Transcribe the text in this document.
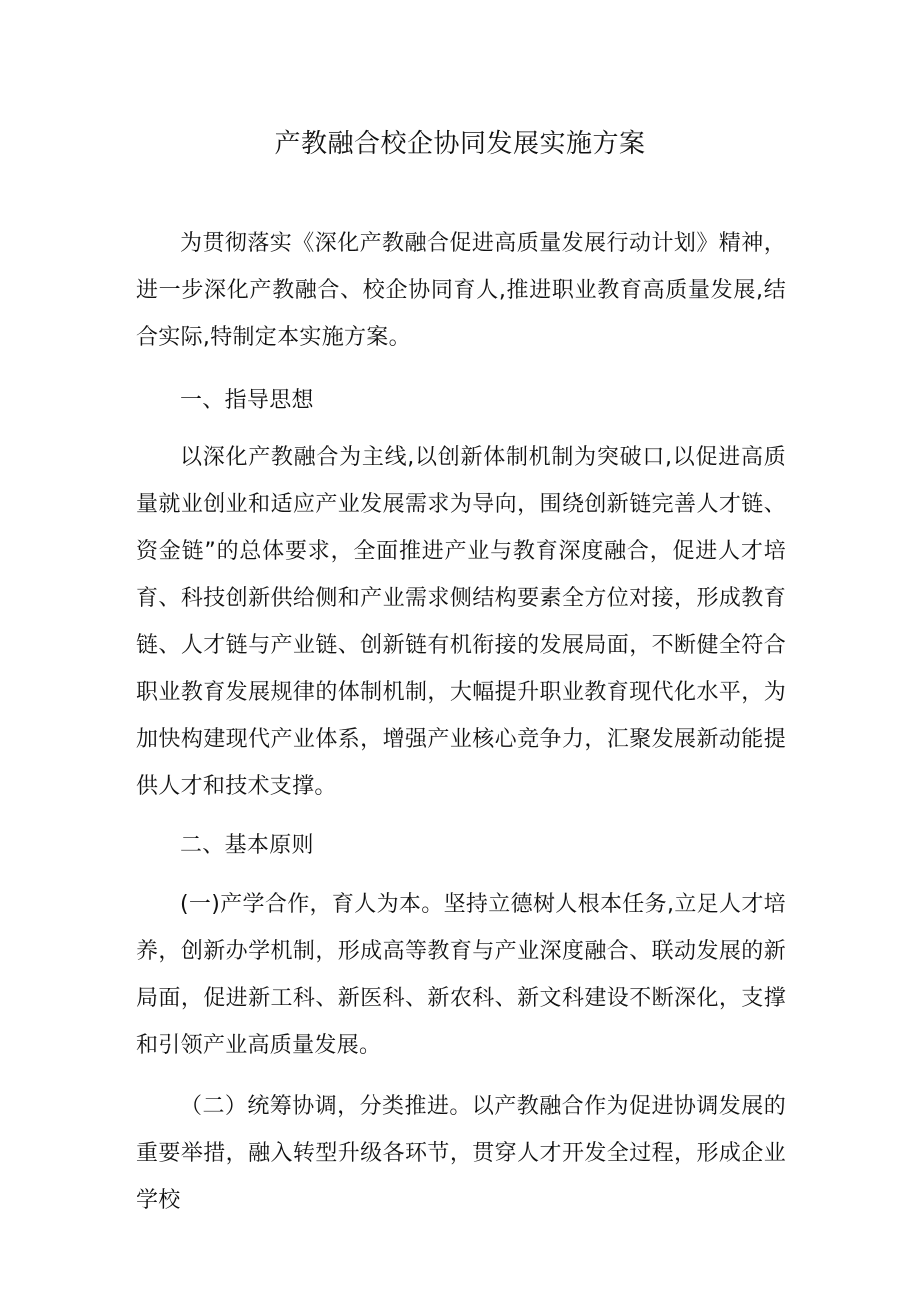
产教融合校企协同发展实施方案

为贯彻落实《深化产教融合促进高质量发展行动计划》精神，进一步深化产教融合、校企协同育人,推进职业教育高质量发展,结合实际,特制定本实施方案。

一、指导思想

以深化产教融合为主线,以创新体制机制为突破口,以促进高质量就业创业和适应产业发展需求为导向，围绕创新链完善人才链、资金链”的总体要求，全面推进产业与教育深度融合，促进人才培育、科技创新供给侧和产业需求侧结构要素全方位对接，形成教育链、人才链与产业链、创新链有机衔接的发展局面，不断健全符合职业教育发展规律的体制机制，大幅提升职业教育现代化水平，为加快构建现代产业体系，增强产业核心竞争力，汇聚发展新动能提供人才和技术支撑。

二、基本原则

(一)产学合作，育人为本。坚持立德树人根本任务,立足人才培养，创新办学机制，形成高等教育与产业深度融合、联动发展的新局面，促进新工科、新医科、新农科、新文科建设不断深化，支撑和引领产业高质量发展。

（二）统筹协调，分类推进。以产教融合作为促进协调发展的重要举措，融入转型升级各环节，贯穿人才开发全过程，形成企业学校
